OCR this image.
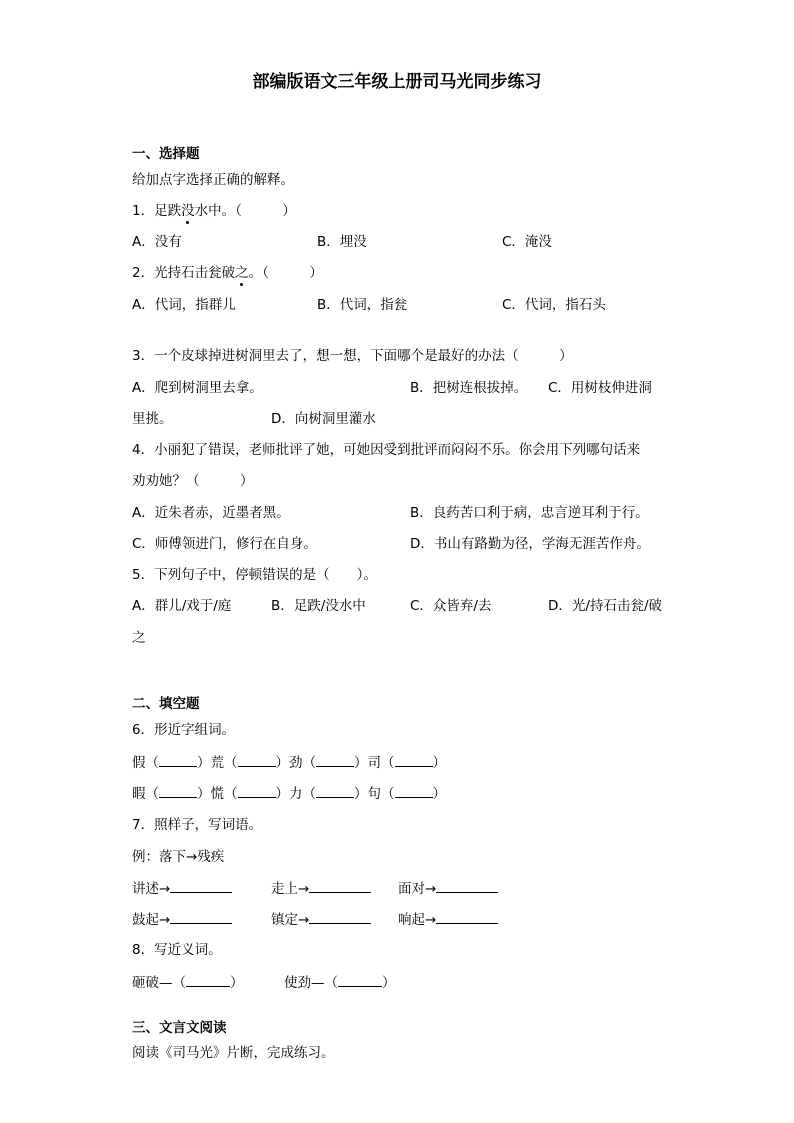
部编版语文三年级上册司马光同步练习
一、选择题
给加点字选择正确的解释。
1．足跌没水中。（　　　）
A．没有	B．埋没	C．淹没
2．光持石击瓮破之。（　　　）
A．代词，指群儿	B．代词，指瓮	C．代词，指石头
3．一个皮球掉进树洞里去了，想一想，下面哪个是最好的办法（　　　）
A．爬到树洞里去拿。	B．把树连根拔掉。 C．用树枝伸进洞
里挑。	D．向树洞里灌水
4．小丽犯了错误，老师批评了她，可她因受到批评而闷闷不乐。你会用下列哪句话来
劝劝她？（　　　）
A．近朱者赤，近墨者黑。	B．良药苦口利于病，忠言逆耳利于行。
C．师傅领进门，修行在自身。	D．书山有路勤为径，学海无涯苦作舟。
5．下列句子中，停顿错误的是（　　）。
A．群儿/戏于/庭	B．足跌/没水中	C．众皆弃/去	D．光/持石击瓮/破
之
二、填空题
6．形近字组词。
假（	）荒（	）劲（	）司（	）
暇（	）慌（	）力（	）句（	）
7．照样子，写词语。
例：落下→残疾
讲述→	走上→	面对→
鼓起→	镇定→	响起→
8．写近义词。
砸破—（	）	使劲—（	）
三、文言文阅读
阅读《司马光》片断，完成练习。
